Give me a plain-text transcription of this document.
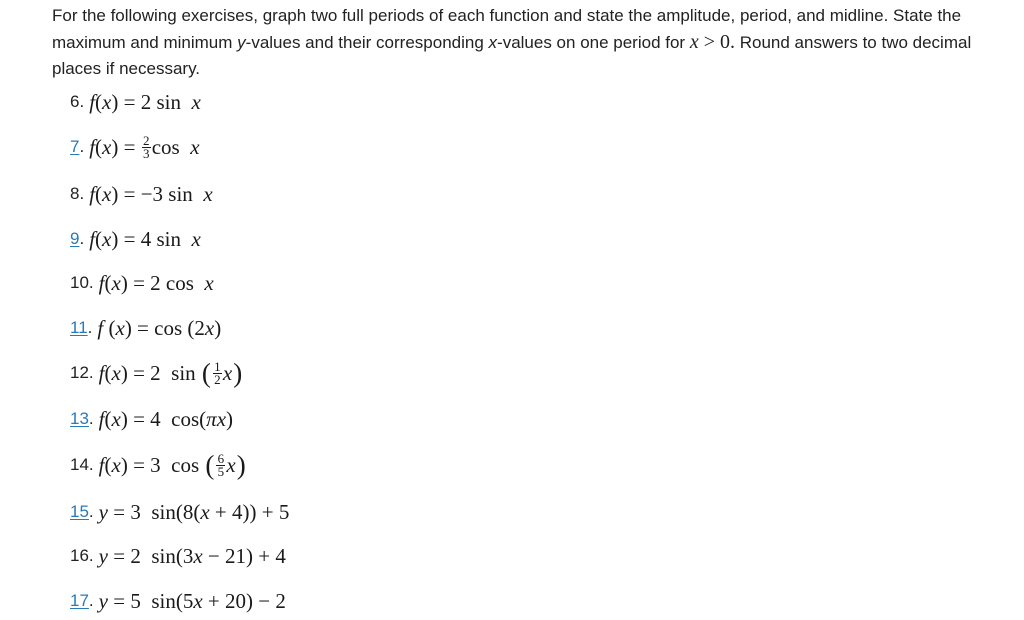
For the following exercises, graph two full periods of each function and state the amplitude, period, and midline. State the maximum and minimum y-values and their corresponding x-values on one period for x > 0. Round answers to two decimal places if necessary.
6 . f(x) = 2 sin  x
7 . $f(x) = \frac{2}{3}$ cos  x
8 . f(x) = −3 sin  x
9 . f(x) = 4 sin  x
10 . f(x) = 2 cos  x
11 . f (x) = cos (2x)
12 . f(x) = 2  sin ( $\frac{1}{2}$ x )
13 . f(x) = 4  cos(πx)
14 . f(x) = 3  cos ( $\frac{6}{5}$ x )
15 . y = 3  sin(8(x + 4)) + 5
16 . y = 2  sin(3x − 21) + 4
17 . y = 5  sin(5x + 20) − 2
